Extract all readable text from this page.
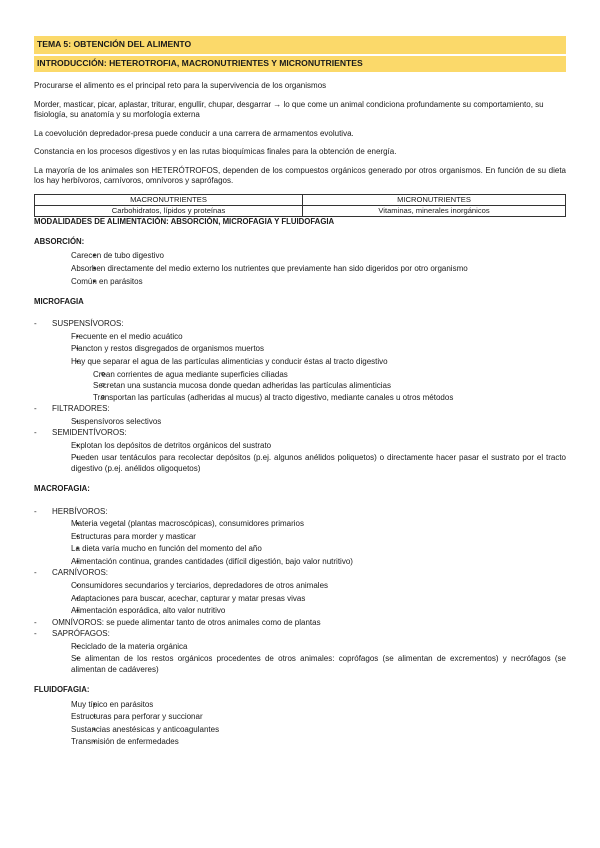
TEMA 5: OBTENCIÓN DEL ALIMENTO
INTRODUCCIÓN: HETEROTROFIA, MACRONUTRIENTES Y MICRONUTRIENTES

Procurarse el alimento es el principal reto para la supervivencia de los organismos

Morder, masticar, picar, aplastar, triturar, engullir, chupar, desgarrar → lo que come un animal condiciona profundamente su comportamiento, su fisiología, su anatomía y su morfología externa

La coevolución depredador-presa puede conducir a una carrera de armamentos evolutiva.

Constancia en los procesos digestivos y en las rutas bioquímicas finales para la obtención de energía.

La mayoría de los animales son HETERÓTROFOS, dependen de los compuestos orgánicos generado por otros organismos. En función de su dieta los hay herbívoros, carnívoros, omnívoros y saprófagos.

MACRONUTRIENTES	MICRONUTRIENTES
Carbohidratos, lípidos y proteínas	Vitaminas, minerales inorgánicos
MODALIDADES DE ALIMENTACIÓN: ABSORCIÓN, MICROFAGIA Y FLUIDOFAGIA
ABSORCIÓN:
• Carecen de tubo digestivo
• Absorben directamente del medio externo los nutrientes que previamente han sido digeridos por otro organismo
• Común en parásitos
MICROFAGIA
- SUSPENSÍVOROS:
• Frecuente en el medio acuático
• Plancton y restos disgregados de organismos muertos
• Hay que separar el agua de las partículas alimenticias y conducir éstas al tracto digestivo
o Crean corrientes de agua mediante superficies ciliadas
o Secretan una sustancia mucosa donde quedan adheridas las partículas alimenticias
o Transportan las partículas (adheridas al mucus) al tracto digestivo, mediante canales u otros métodos
- FILTRADORES:
• Suspensívoros selectivos
- SEMIDENTÍVOROS:
• Explotan los depósitos de detritos orgánicos del sustrato
• Pueden usar tentáculos para recolectar depósitos (p.ej. algunos anélidos poliquetos) o directamente hacer pasar el sustrato por el tracto digestivo (p.ej. anélidos oligoquetos)
MACROFAGIA:
- HERBÍVOROS:
• Materia vegetal (plantas macroscópicas), consumidores primarios
• Estructuras para morder y masticar
• La dieta varía mucho en función del momento del año
• Alimentación continua, grandes cantidades (difícil digestión, bajo valor nutritivo)
- CARNÍVOROS:
• Consumidores secundarios y terciarios, depredadores de otros animales
• Adaptaciones para buscar, acechar, capturar y matar presas vivas
• Alimentación esporádica, alto valor nutritivo
- OMNÍVOROS: se puede alimentar tanto de otros animales como de plantas
- SAPRÓFAGOS:
• Reciclado de la materia orgánica
• Se alimentan de los restos orgánicos procedentes de otros animales: coprófagos (se alimentan de excrementos) y necrófagos (se alimentan de cadáveres)
FLUIDOFAGIA:
• Muy típico en parásitos
• Estructuras para perforar y succionar
• Sustancias anestésicas y anticoagulantes
• Transmisión de enfermedades
